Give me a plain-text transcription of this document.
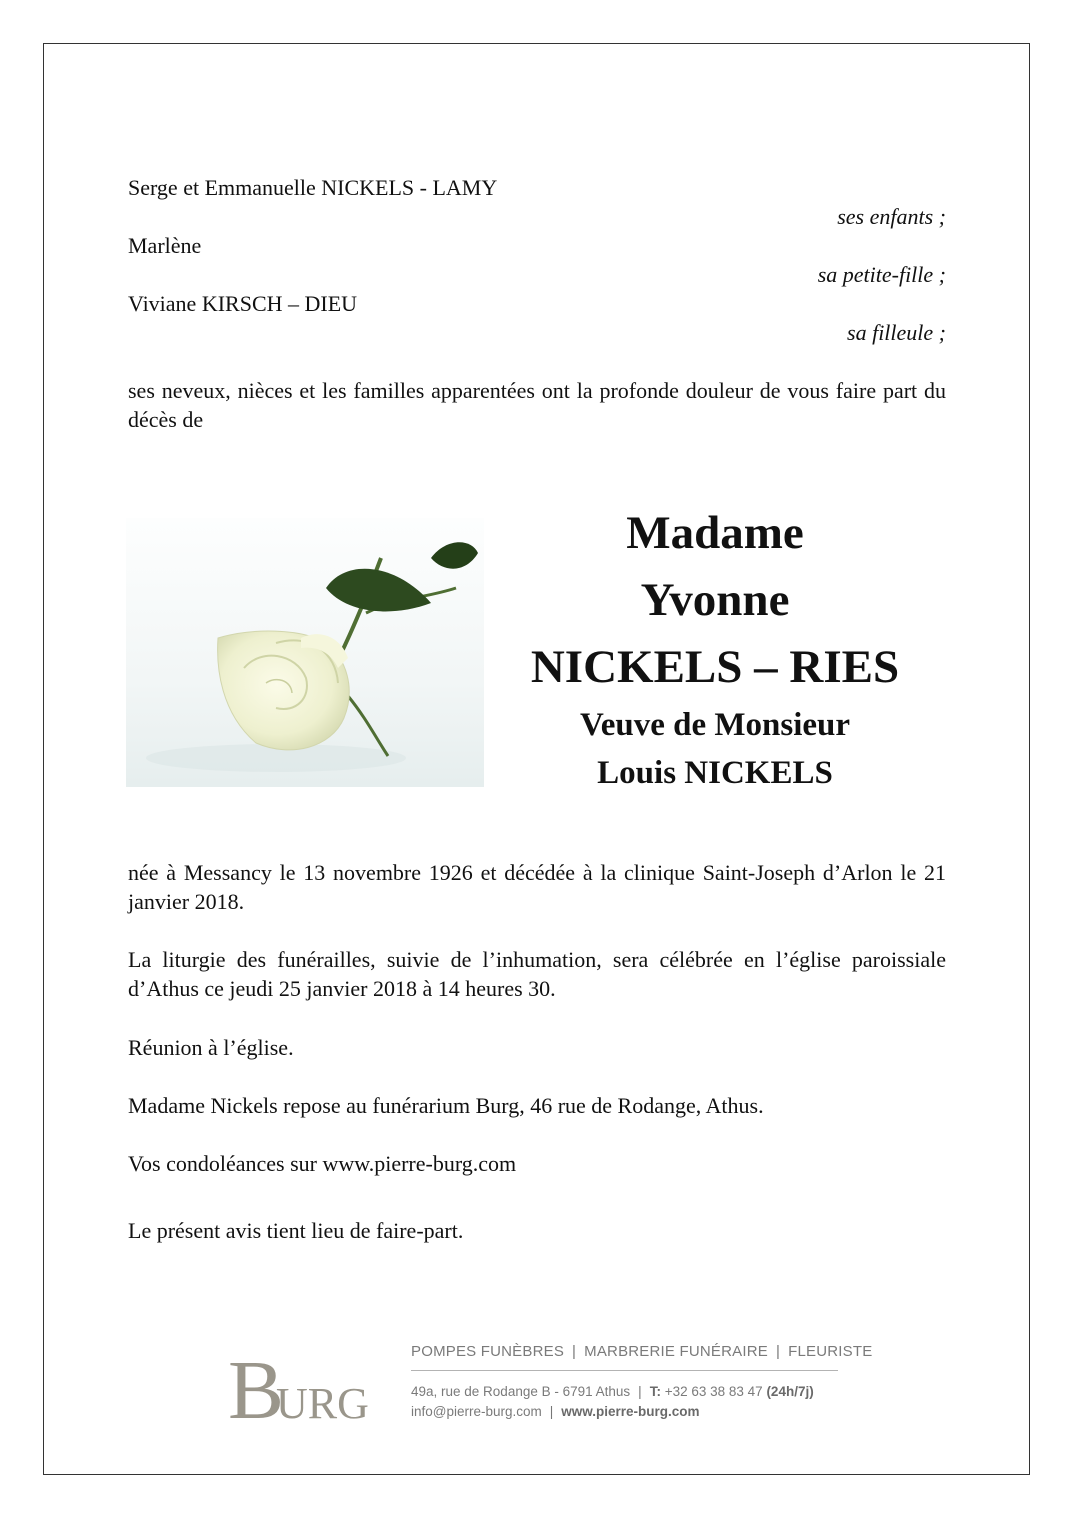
Serge et Emmanuelle NICKELS - LAMY
ses enfants ;
Marlène
sa petite-fille ;
Viviane KIRSCH – DIEU
sa filleule ;
ses neveux, nièces et les familles apparentées ont la profonde douleur de vous faire part du décès de
Madame
Yvonne
NICKELS – RIES
Veuve de Monsieur
Louis NICKELS
née à Messancy le 13 novembre 1926 et décédée à la clinique Saint-Joseph d’Arlon le 21 janvier 2018.
La liturgie des funérailles, suivie de l’inhumation, sera célébrée en l’église paroissiale d’Athus ce jeudi 25 janvier 2018 à 14 heures 30.
Réunion à l’église.
Madame Nickels repose au funérarium Burg, 46 rue de Rodange, Athus.
Vos condoléances sur www.pierre-burg.com
Le présent avis tient lieu de faire-part.
B
URG
POMPES FUNÈBRES | MARBRERIE FUNÉRAIRE | FLEURISTE
49a, rue de Rodange B - 6791 Athus | T: +32 63 38 83 47 (24h/7j)
info@pierre-burg.com | www.pierre-burg.com
